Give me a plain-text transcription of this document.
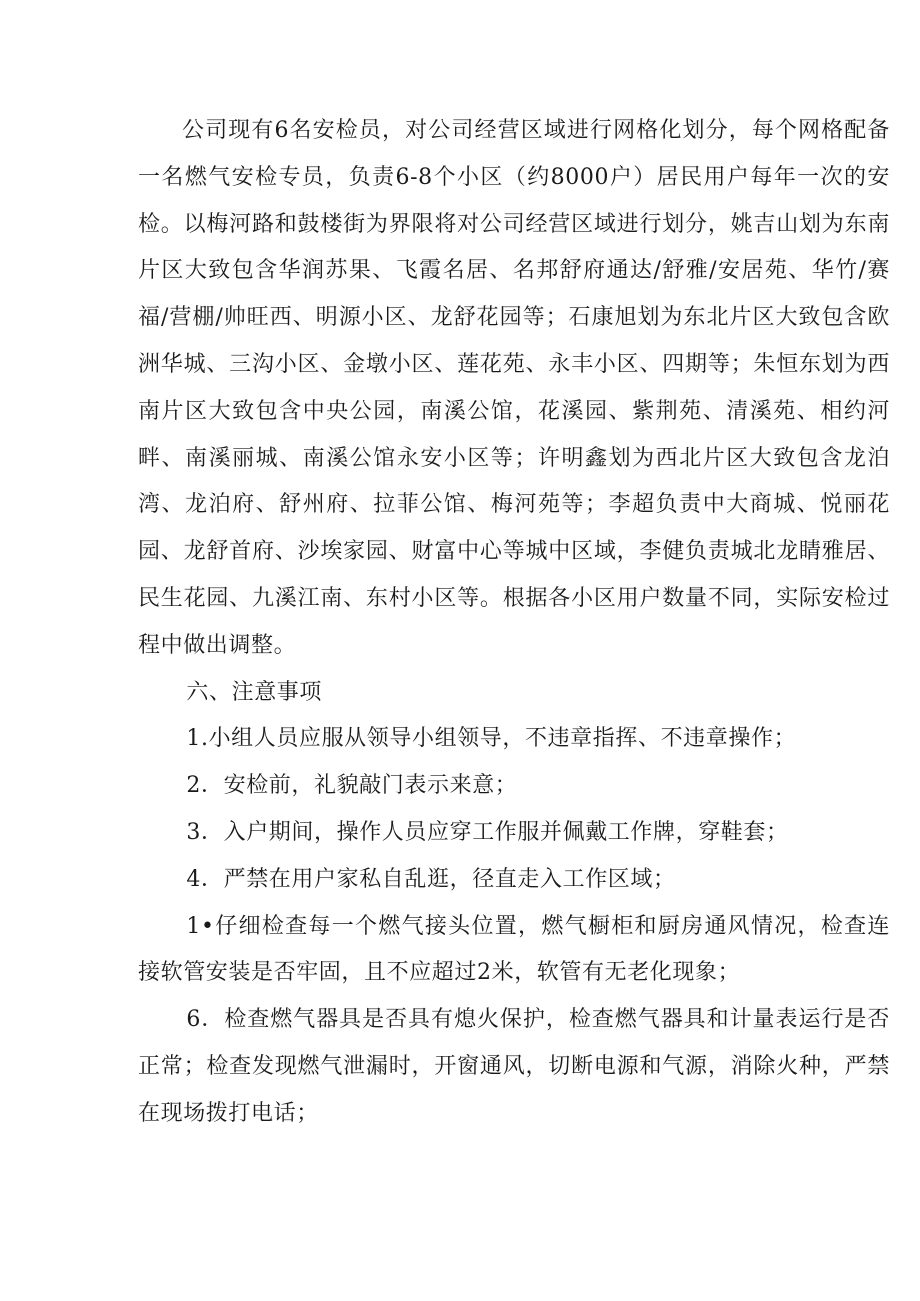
公司现有6名安检员，对公司经营区域进行网格化划分，每个网格配备一名燃气安检专员，负责6-8个小区（约8000户）居民用户每年一次的安检。以梅河路和鼓楼街为界限将对公司经营区域进行划分，姚吉山划为东南片区大致包含华润苏果、飞霞名居、名邦舒府通达/舒雅/安居苑、华竹/赛福/营棚/帅旺西、明源小区、龙舒花园等；石康旭划为东北片区大致包含欧洲华城、三沟小区、金墩小区、莲花苑、永丰小区、四期等；朱恒东划为西南片区大致包含中央公园，南溪公馆，花溪园、紫荆苑、清溪苑、相约河畔、南溪丽城、南溪公馆永安小区等；许明鑫划为西北片区大致包含龙泊湾、龙泊府、舒州府、拉菲公馆、梅河苑等；李超负责中大商城、悦丽花园、龙舒首府、沙埃家园、财富中心等城中区域，李健负责城北龙睛雅居、民生花园、九溪江南、东村小区等。根据各小区用户数量不同，实际安检过程中做出调整。

六、注意事项

1.小组人员应服从领导小组领导，不违章指挥、不违章操作；

2．安检前，礼貌敲门表示来意；

3．入户期间，操作人员应穿工作服并佩戴工作牌，穿鞋套；

4．严禁在用户家私自乱逛，径直走入工作区域；

1•仔细检查每一个燃气接头位置，燃气橱柜和厨房通风情况，检查连接软管安装是否牢固，且不应超过2米，软管有无老化现象；

6．检查燃气器具是否具有熄火保护，检查燃气器具和计量表运行是否正常；检查发现燃气泄漏时，开窗通风，切断电源和气源，消除火种，严禁在现场拨打电话；
